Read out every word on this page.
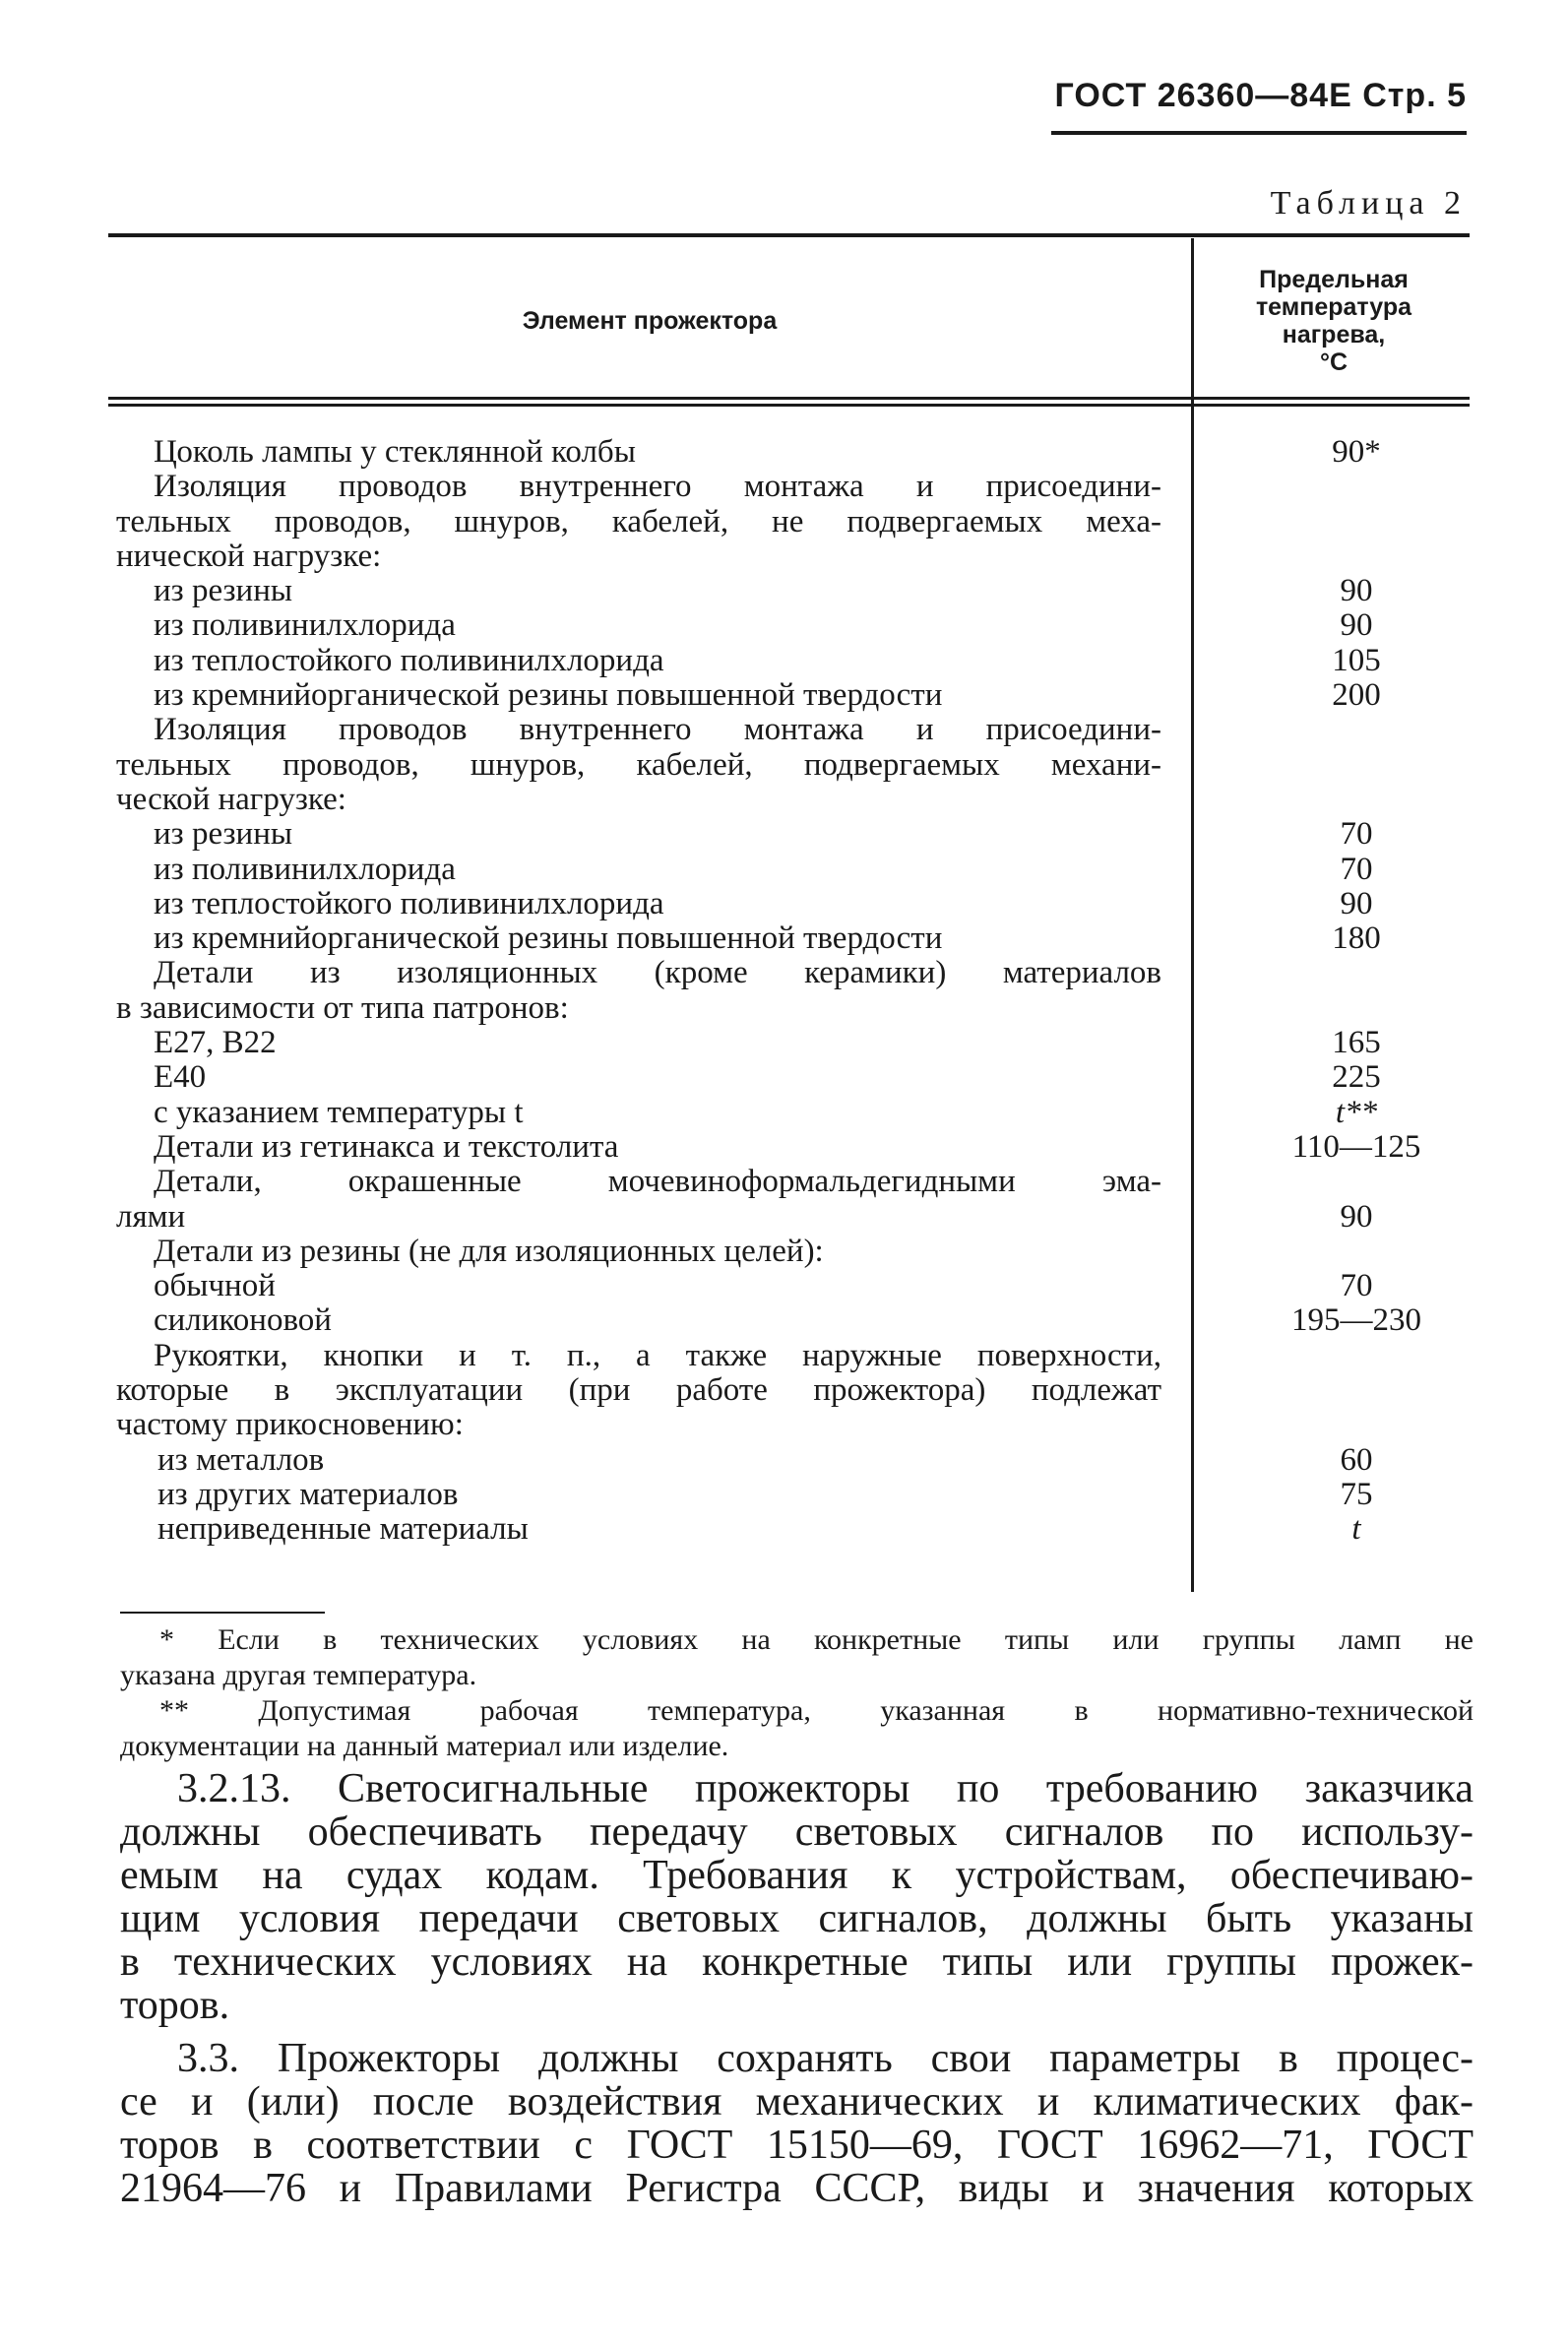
ГОСТ 26360—84Е Стр. 5
Таблица 2
Элемент прожектора
Предельная
температура
нагрева,
°С
Цоколь лампы у стеклянной колбы	90*
Изоляция проводов внутреннего монтажа и присоедини-
тельных проводов, шнуров, кабелей, не подвергаемых меха-
нической нагрузке:
из резины	90
из поливинилхлорида	90
из теплостойкого поливинилхлорида	105
из кремнийорганической резины повышенной твердости	200
Изоляция проводов внутреннего монтажа и присоедини-
тельных проводов, шнуров, кабелей, подвергаемых механи-
ческой нагрузке:
из резины	70
из поливинилхлорида	70
из теплостойкого поливинилхлорида	90
из кремнийорганической резины повышенной твердости	180
Детали из изоляционных (кроме керамики) материалов
в зависимости от типа патронов:
Е27, В22	165
Е40	225
с указанием температуры t	t**
Детали из гетинакса и текстолита	110—125
Детали, окрашенные мочевиноформальдегидными эма-
лями	90
Детали из резины (не для изоляционных целей):
обычной	70
силиконовой	195—230
Рукоятки, кнопки и т. п., а также наружные поверхности,
которые в эксплуатации (при работе прожектора) подлежат
частому прикосновению:
из металлов	60
из других материалов	75
неприведенные материалы	t
* Если в технических условиях на конкретные типы или группы ламп не
указана другая температура.
** Допустимая рабочая температура, указанная в нормативно-технической
документации на данный материал или изделие.
3.2.13. Светосигнальные прожекторы по требованию заказчика
должны обеспечивать передачу световых сигналов по использу-
емым на судах кодам. Требования к устройствам, обеспечиваю-
щим условия передачи световых сигналов, должны быть указаны
в технических условиях на конкретные типы или группы прожек-
торов.
3.3. Прожекторы должны сохранять свои параметры в процес-
се и (или) после воздействия механических и климатических фак-
торов в соответствии с ГОСТ 15150—69, ГОСТ 16962—71, ГОСТ
21964—76 и Правилами Регистра СССР, виды и значения которых
